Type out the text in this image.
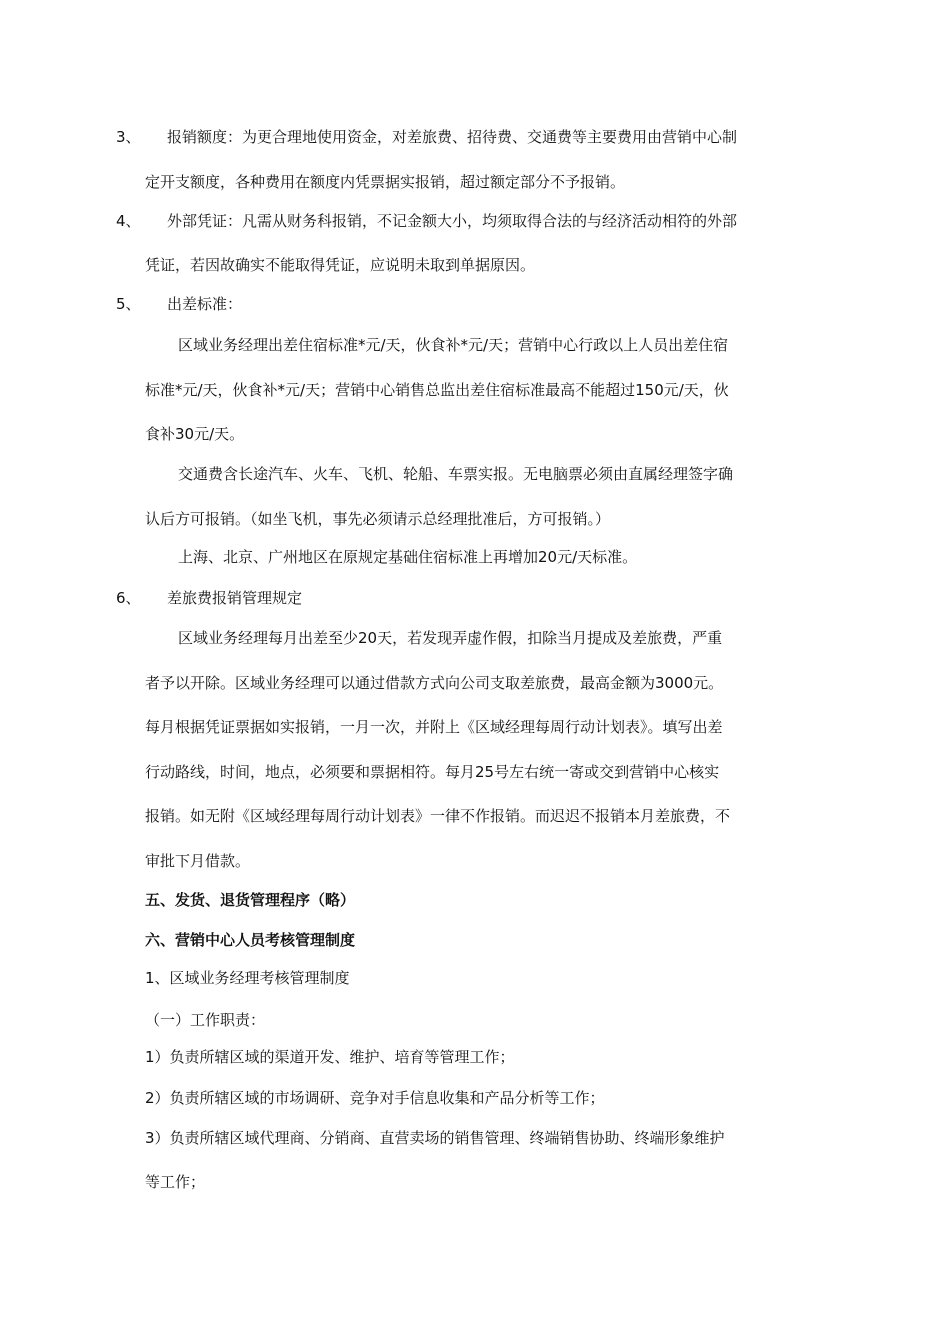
3、 报销额度：为更合理地使用资金，对差旅费、招待费、交通费等主要费用由营销中心制
定开支额度，各种费用在额度内凭票据实报销，超过额定部分不予报销。
4、 外部凭证：凡需从财务科报销，不记金额大小，均须取得合法的与经济活动相符的外部
凭证，若因故确实不能取得凭证，应说明未取到单据原因。
5、 出差标准：
区域业务经理出差住宿标准*元/天，伙食补*元/天；营销中心行政以上人员出差住宿
标准*元/天，伙食补*元/天；营销中心销售总监出差住宿标准最高不能超过150元/天，伙
食补30元/天。
交通费含长途汽车、火车、飞机、轮船、车票实报。无电脑票必须由直属经理签字确
认后方可报销。（如坐飞机，事先必须请示总经理批准后，方可报销。）
上海、北京、广州地区在原规定基础住宿标准上再增加20元/天标准。
6、 差旅费报销管理规定
区域业务经理每月出差至少20天，若发现弄虚作假，扣除当月提成及差旅费，严重
者予以开除。区域业务经理可以通过借款方式向公司支取差旅费，最高金额为3000元。
每月根据凭证票据如实报销，一月一次，并附上《区域经理每周行动计划表》。填写出差
行动路线，时间，地点，必须要和票据相符。每月25号左右统一寄或交到营销中心核实
报销。如无附《区域经理每周行动计划表》一律不作报销。而迟迟不报销本月差旅费，不
审批下月借款。
五、发货、退货管理程序（略）
六、营销中心人员考核管理制度
1、区域业务经理考核管理制度
（一）工作职责：
1）负责所辖区域的渠道开发、维护、培育等管理工作；
2）负责所辖区域的市场调研、竞争对手信息收集和产品分析等工作；
3）负责所辖区域代理商、分销商、直营卖场的销售管理、终端销售协助、终端形象维护
等工作；
